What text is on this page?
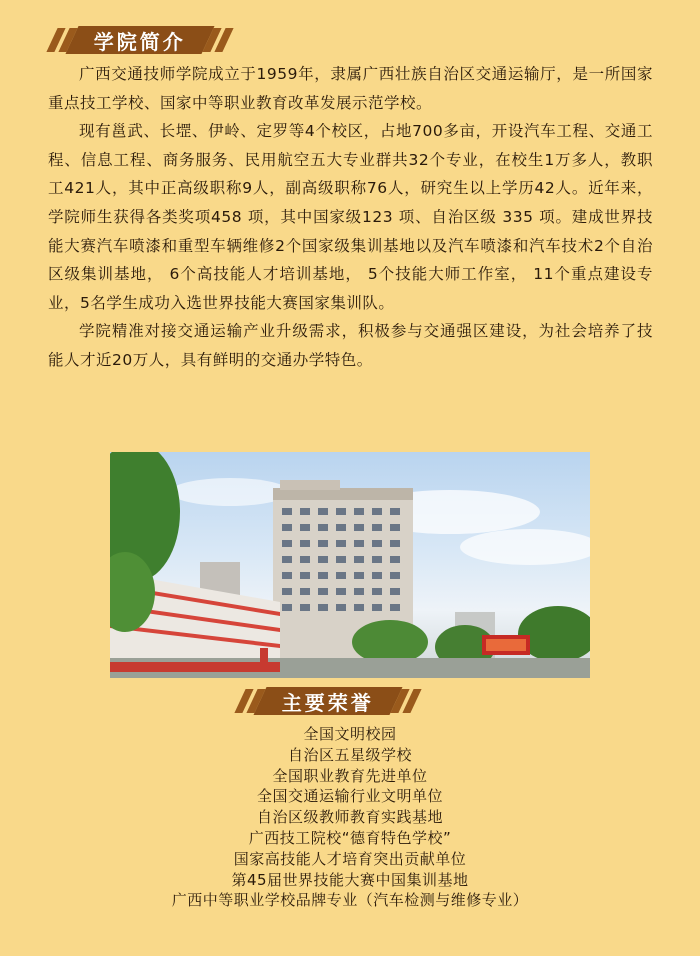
学院简介

广西交通技师学院成立于1959年，隶属广西壮族自治区交通运输厅，是一所国家重点技工学校、国家中等职业教育改革发展示范学校。

现有邕武、长堽、伊岭、定罗等4个校区，占地700多亩，开设汽车工程、交通工程、信息工程、商务服务、民用航空五大专业群共32个专业，在校生1万多人，教职工421人，其中正高级职称9人，副高级职称76人，研究生以上学历42人。近年来，学院师生获得各类奖项458 项，其中国家级123 项、自治区级 335 项。建成世界技能大赛汽车喷漆和重型车辆维修2个国家级集训基地以及汽车喷漆和汽车技术2个自治区级集训基地， 6个高技能人才培训基地， 5个技能大师工作室， 11个重点建设专业，5名学生成功入选世界技能大赛国家集训队。

学院精准对接交通运输产业升级需求，积极参与交通强区建设，为社会培养了技能人才近20万人，具有鲜明的交通办学特色。

主要荣誉
全国文明校园
自治区五星级学校
全国职业教育先进单位
全国交通运输行业文明单位
自治区级教师教育实践基地
广西技工院校“德育特色学校”
国家高技能人才培育突出贡献单位
第45届世界技能大赛中国集训基地
广西中等职业学校品牌专业（汽车检测与维修专业）
